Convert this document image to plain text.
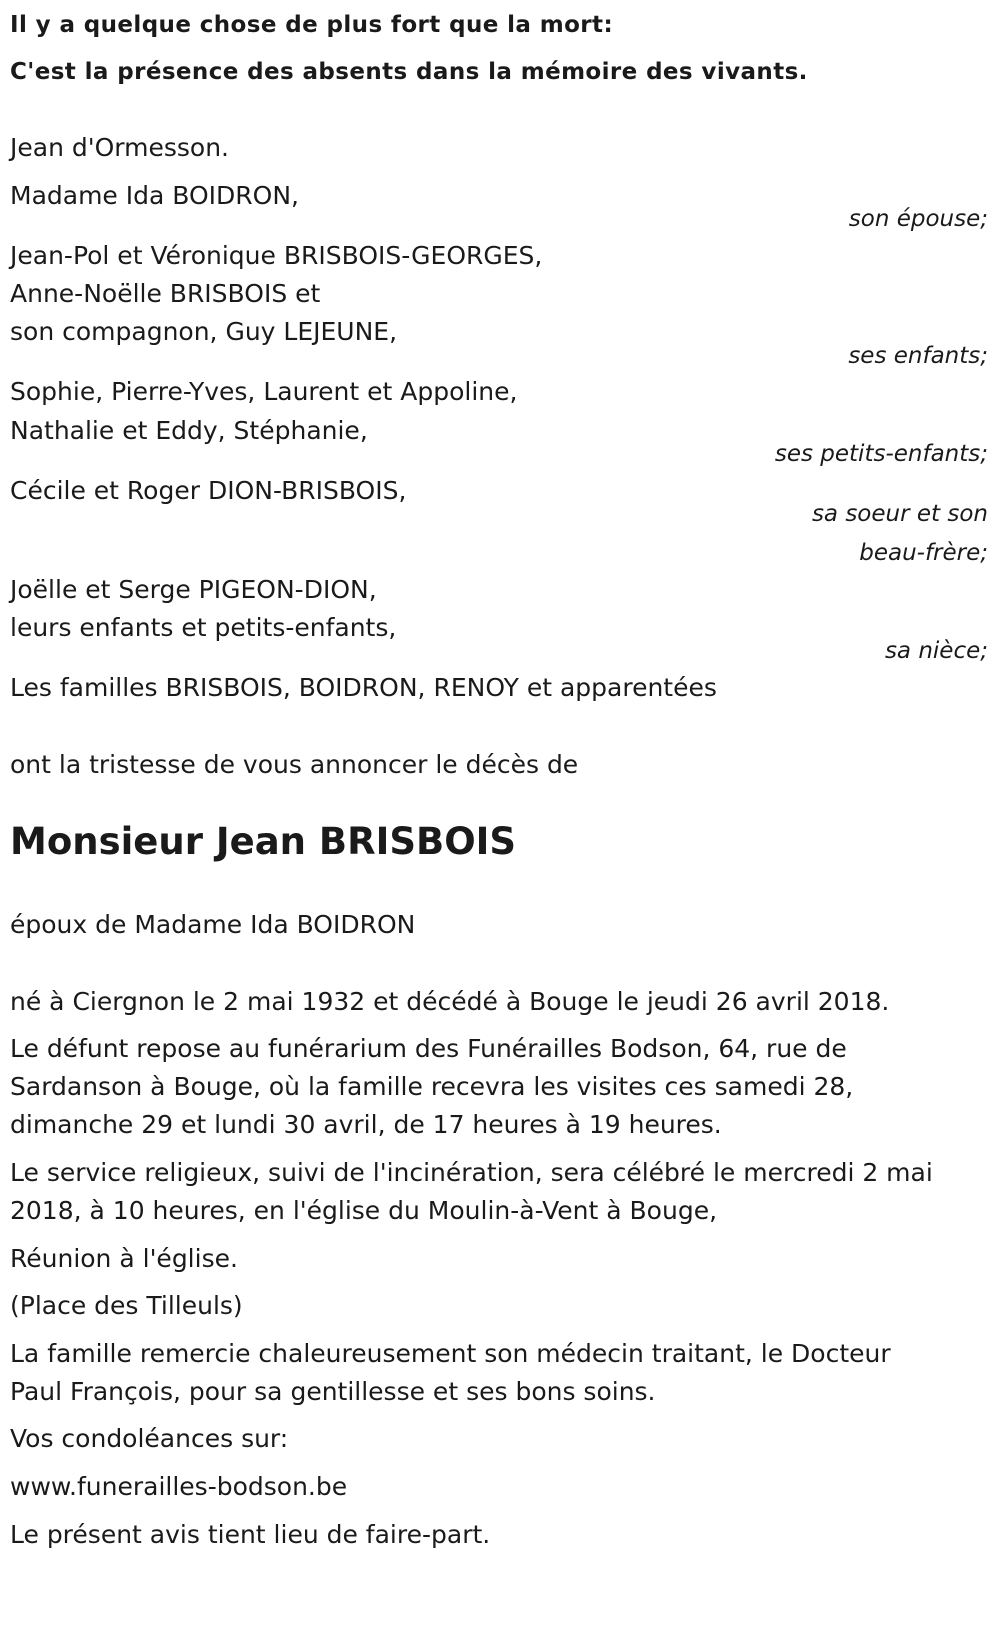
Il y a quelque chose de plus fort que la mort:
C'est la présence des absents dans la mémoire des vivants.
Jean d'Ormesson.
Madame Ida BOIDRON,
son épouse;
Jean-Pol et Véronique BRISBOIS-GEORGES,
Anne-Noëlle BRISBOIS et
son compagnon, Guy LEJEUNE,
ses enfants;
Sophie, Pierre-Yves, Laurent et Appoline,
Nathalie et Eddy, Stéphanie,
ses petits-enfants;
Cécile et Roger DION-BRISBOIS,
sa soeur et son
beau-frère;
Joëlle et Serge PIGEON-DION,
leurs enfants et petits-enfants,
sa nièce;
Les familles BRISBOIS, BOIDRON, RENOY et apparentées
ont la tristesse de vous annoncer le décès de
Monsieur Jean BRISBOIS
époux de Madame Ida BOIDRON
né à Ciergnon le 2 mai 1932 et décédé à Bouge le jeudi 26 avril 2018.
Le défunt repose au funérarium des Funérailles Bodson, 64, rue de
Sardanson à Bouge, où la famille recevra les visites ces samedi 28,
dimanche 29 et lundi 30 avril, de 17 heures à 19 heures.
Le service religieux, suivi de l'incinération, sera célébré le mercredi 2 mai
2018, à 10 heures, en l'église du Moulin-à-Vent à Bouge,
Réunion à l'église.
(Place des Tilleuls)
La famille remercie chaleureusement son médecin traitant, le Docteur
Paul François, pour sa gentillesse et ses bons soins.
Vos condoléances sur:
www.funerailles-bodson.be
Le présent avis tient lieu de faire-part.
